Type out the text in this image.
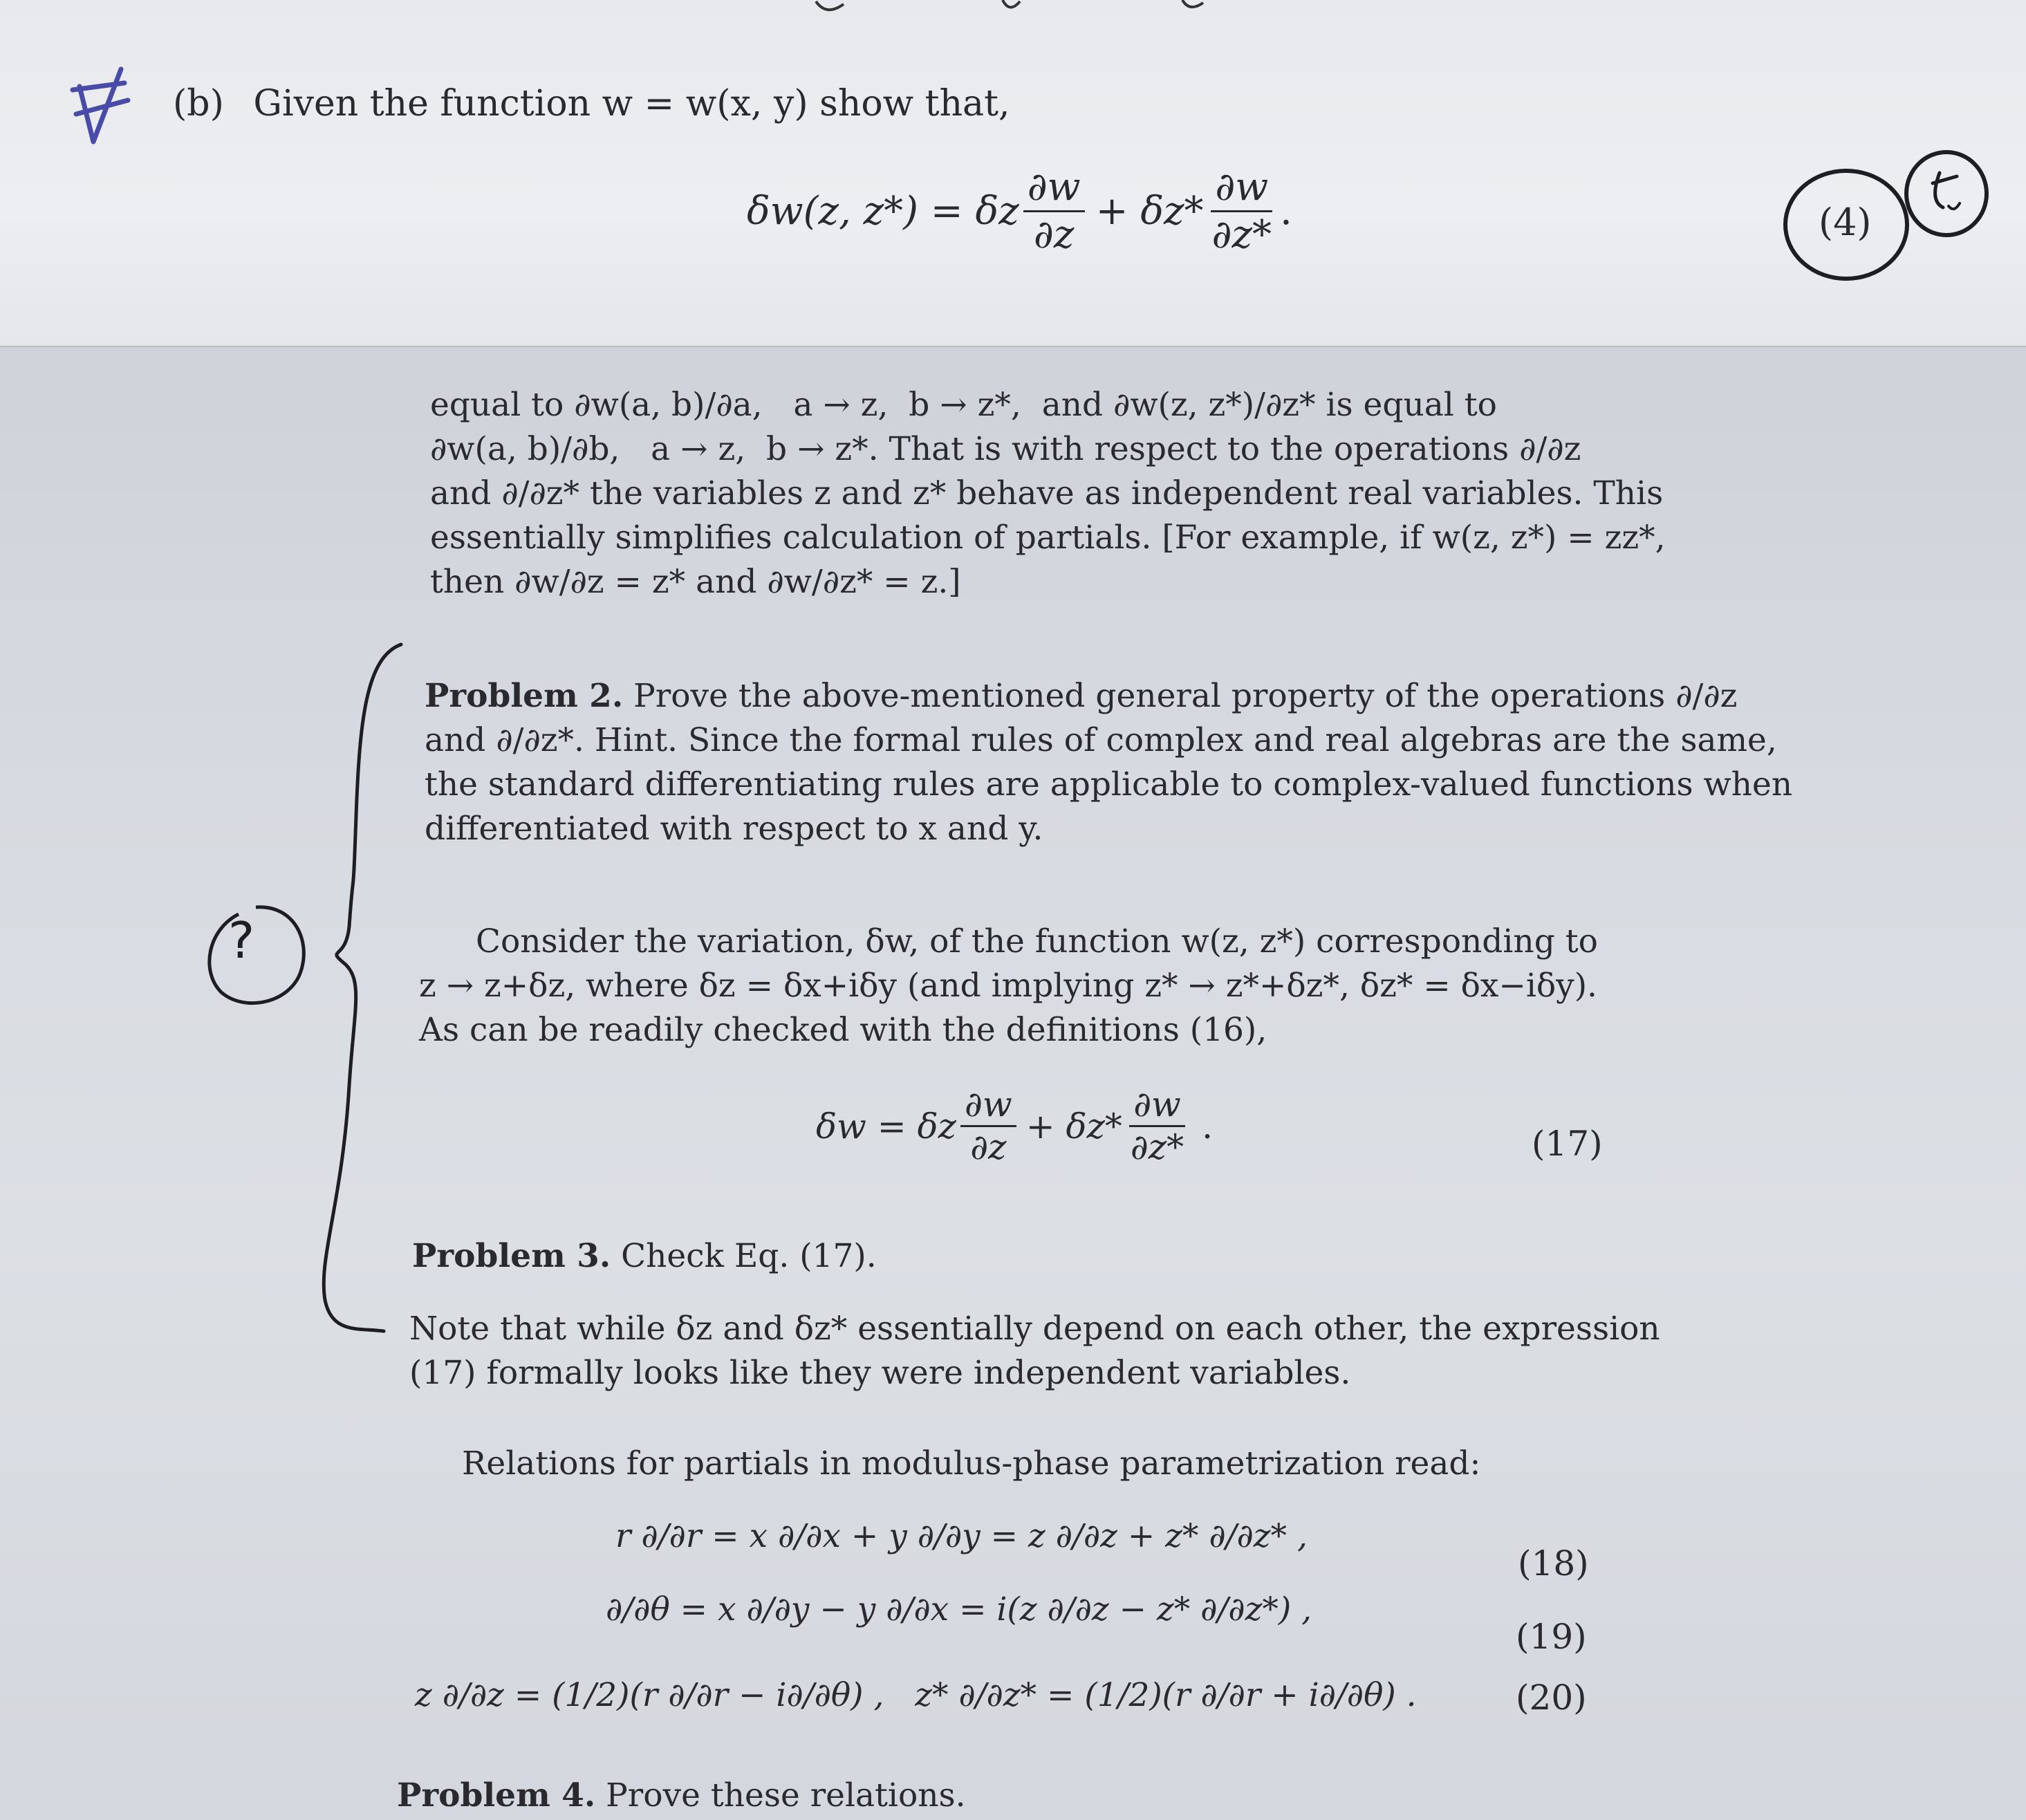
(b) Given the function w = w(x, y) show that,
δw(z, z*) = δz $\frac{\partial w}{\partial z} + \delta z* \frac{\partial w}{\partial z*}$ .	(4)
equal to ∂w(a, b)/∂a,   a → z,  b → z*,  and ∂w(z, z*)/∂z* is equal to
∂w(a, b)/∂b,   a → z,  b → z*. That is with respect to the operations ∂/∂z
and ∂/∂z* the variables z and z* behave as independent real variables. This
essentially simplifies calculation of partials. [For example, if w(z, z*) = zz*,
then ∂w/∂z = z* and ∂w/∂z* = z.]
Problem 2. Prove the above-mentioned general property of the operations ∂/∂z
and ∂/∂z*. Hint. Since the formal rules of complex and real algebras are the same,
the standard differentiating rules are applicable to complex-valued functions when
differentiated with respect to x and y.
?	Consider the variation, δw, of the function w(z, z*) corresponding to
z → z+δz, where δz = δx+iδy (and implying z* → z*+δz*, δz* = δx−iδy).
As can be readily checked with the definitions (16),
δw = δz $\frac{\partial w}{\partial z} + \delta z* \frac{\partial w}{\partial z*}$ .	(17)
Problem 3. Check Eq. (17).
Note that while δz and δz* essentially depend on each other, the expression
(17) formally looks like they were independent variables.
Relations for partials in modulus-phase parametrization read:
r ∂/∂r = x ∂/∂x + y ∂/∂y = z ∂/∂z + z* ∂/∂z* ,
(18)
∂/∂θ = x ∂/∂y − y ∂/∂x = i(z ∂/∂z − z* ∂/∂z*) ,
(19)
z ∂/∂z = (1/2)(r ∂/∂r − i∂/∂θ) ,   z* ∂/∂z* = (1/2)(r ∂/∂r + i∂/∂θ) .	(20)
Problem 4. Prove these relations.
